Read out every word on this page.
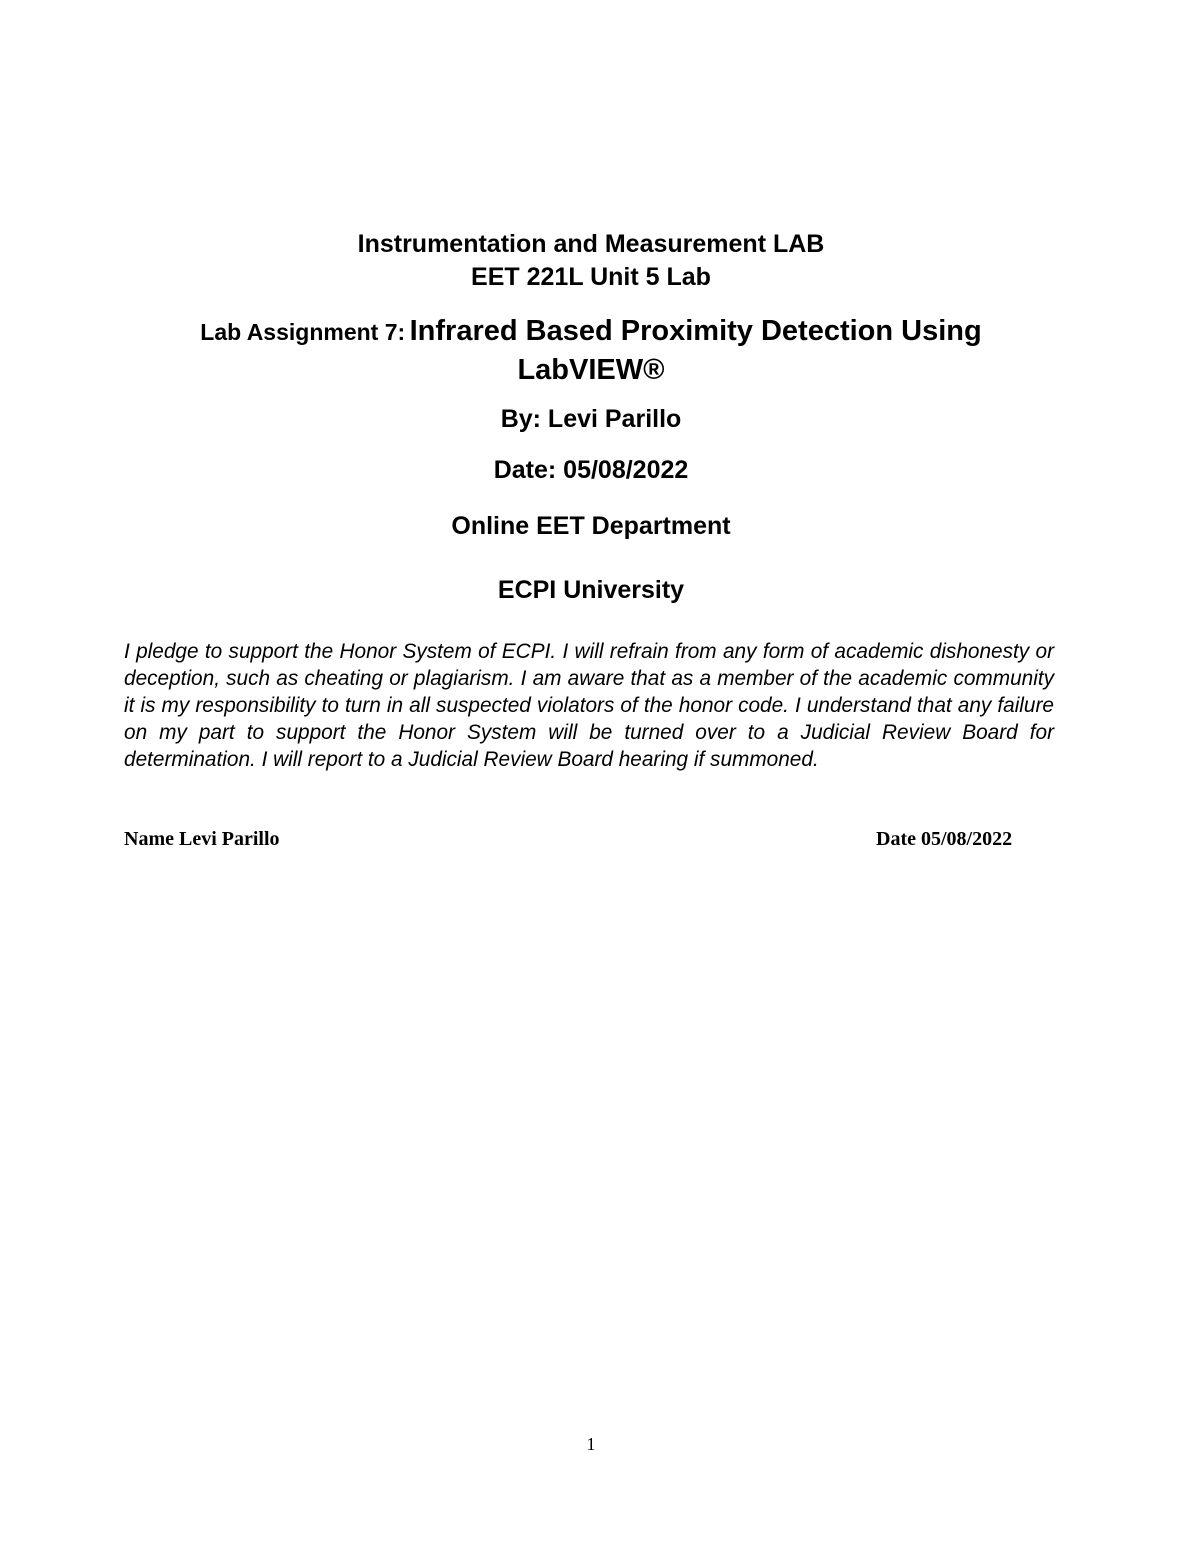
Instrumentation and Measurement LAB
EET 221L Unit 5 Lab
Lab Assignment 7: Infrared Based Proximity Detection Using LabVIEW®
By: Levi Parillo
Date: 05/08/2022
Online EET Department
ECPI University

I pledge to support the Honor System of ECPI. I will refrain from any form of academic dishonesty or deception, such as cheating or plagiarism. I am aware that as a member of the academic community it is my responsibility to turn in all suspected violators of the honor code. I understand that any failure on my part to support the Honor System will be turned over to a Judicial Review Board for determination. I will report to a Judicial Review Board hearing if summoned.

Name Levi Parillo	Date 05/08/2022
1
